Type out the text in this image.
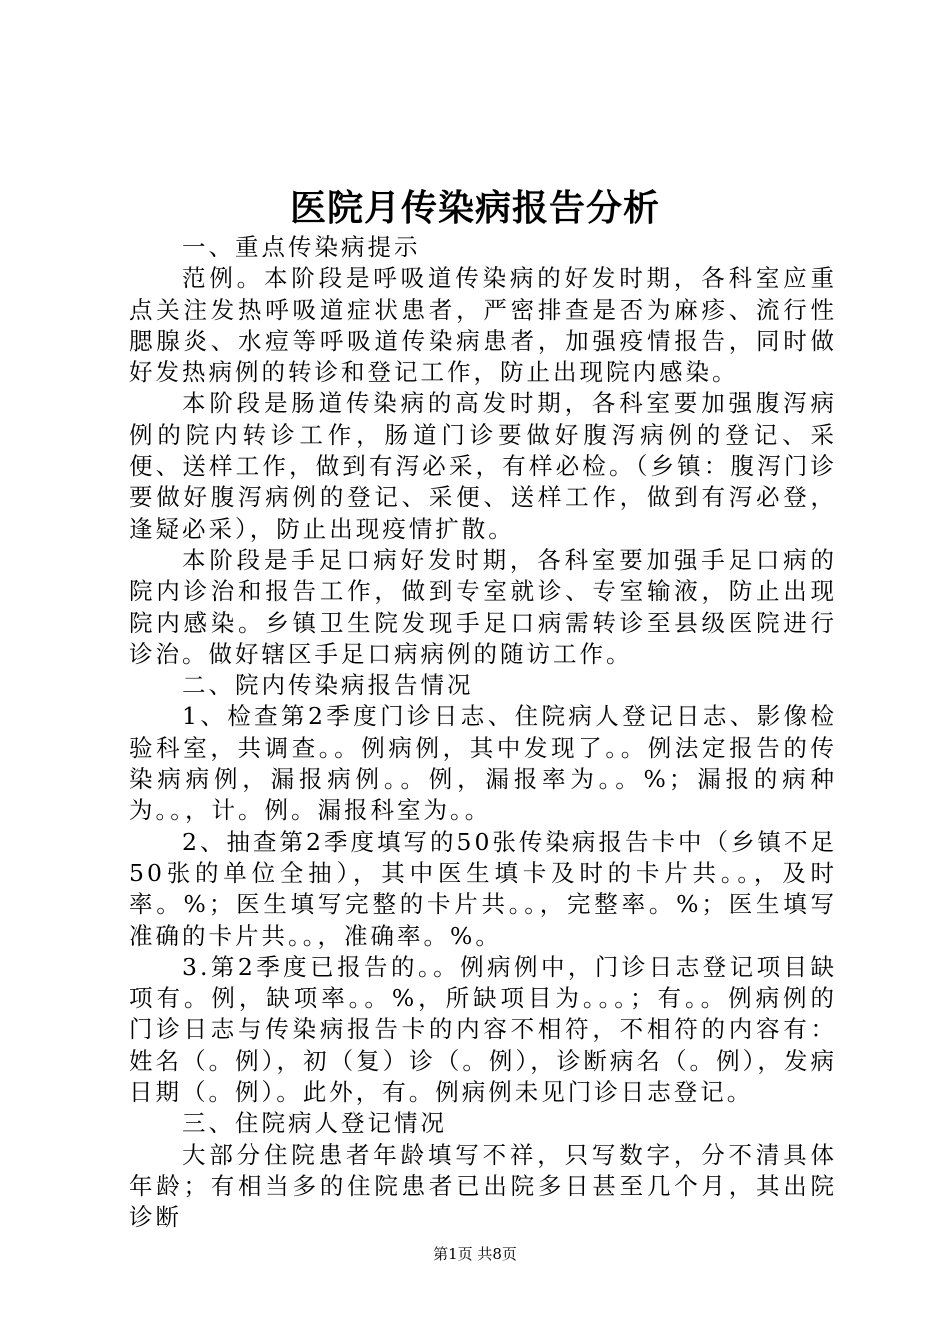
医院月传染病报告分析

一、重点传染病提示

范例。本阶段是呼吸道传染病的好发时期，各科室应重点关注发热呼吸道症状患者，严密排查是否为麻疹、流行性腮腺炎、水痘等呼吸道传染病患者，加强疫情报告，同时做好发热病例的转诊和登记工作，防止出现院内感染。

本阶段是肠道传染病的高发时期，各科室要加强腹泻病例的院内转诊工作，肠道门诊要做好腹泻病例的登记、采便、送样工作，做到有泻必采，有样必检。（乡镇：腹泻门诊要做好腹泻病例的登记、采便、送样工作，做到有泻必登，逢疑必采），防止出现疫情扩散。

本阶段是手足口病好发时期，各科室要加强手足口病的院内诊治和报告工作，做到专室就诊、专室输液，防止出现院内感染。乡镇卫生院发现手足口病需转诊至县级医院进行诊治。做好辖区手足口病病例的随访工作。

二、院内传染病报告情况

1、检查第2季度门诊日志、住院病人登记日志、影像检验科室，共调查。。例病例，其中发现了。。例法定报告的传染病病例，漏报病例。。例，漏报率为。。%；漏报的病种为。。，计。例。漏报科室为。。

2、抽查第2季度填写的50张传染病报告卡中（乡镇不足50张的单位全抽），其中医生填卡及时的卡片共。。，及时率。%；医生填写完整的卡片共。。，完整率。%；医生填写准确的卡片共。。，准确率。%。

3.第2季度已报告的。。例病例中，门诊日志登记项目缺项有。例，缺项率。。%，所缺项目为。。。；有。。例病例的门诊日志与传染病报告卡的内容不相符，不相符的内容有：姓名（。例），初（复）诊（。例），诊断病名（。例），发病日期（。例）。此外，有。例病例未见门诊日志登记。

三、住院病人登记情况

大部分住院患者年龄填写不祥，只写数字，分不清具体年龄；有相当多的住院患者已出院多日甚至几个月，其出院诊断

第1页 共8页
